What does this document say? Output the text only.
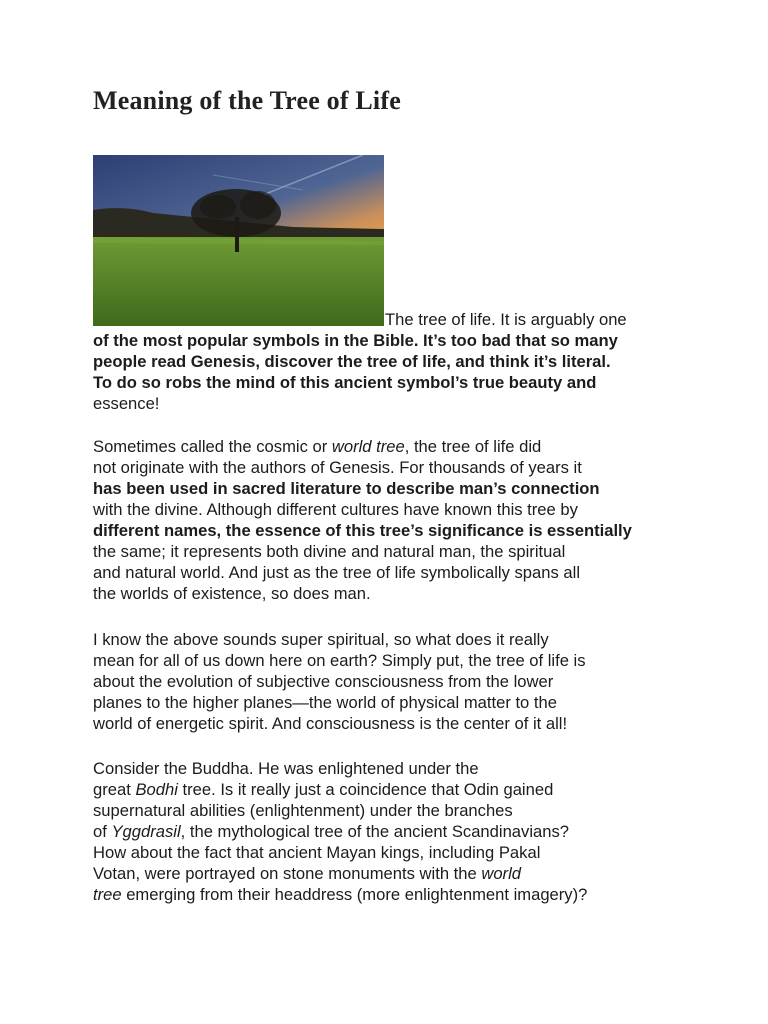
Meaning of the Tree of Life
The tree of life. It is arguably one
of the most popular symbols in the Bible. It’s too bad that so many
people read Genesis, discover the tree of life, and think it’s literal.
To do so robs the mind of this ancient symbol’s true beauty and
essence!
Sometimes called the cosmic or world tree, the tree of life did
not originate with the authors of Genesis. For thousands of years it
has been used in sacred literature to describe man’s connection
with the divine. Although different cultures have known this tree by
different names, the essence of this tree’s significance is essentially
the same; it represents both divine and natural man, the spiritual
and natural world. And just as the tree of life symbolically spans all
the worlds of existence, so does man.
I know the above sounds super spiritual, so what does it really
mean for all of us down here on earth? Simply put, the tree of life is
about the evolution of subjective consciousness from the lower
planes to the higher planes—the world of physical matter to the
world of energetic spirit. And consciousness is the center of it all!
Consider the Buddha. He was enlightened under the
great Bodhi tree. Is it really just a coincidence that Odin gained
supernatural abilities (enlightenment) under the branches
of Yggdrasil, the mythological tree of the ancient Scandinavians?
How about the fact that ancient Mayan kings, including Pakal
Votan, were portrayed on stone monuments with the world
tree emerging from their headdress (more enlightenment imagery)?
